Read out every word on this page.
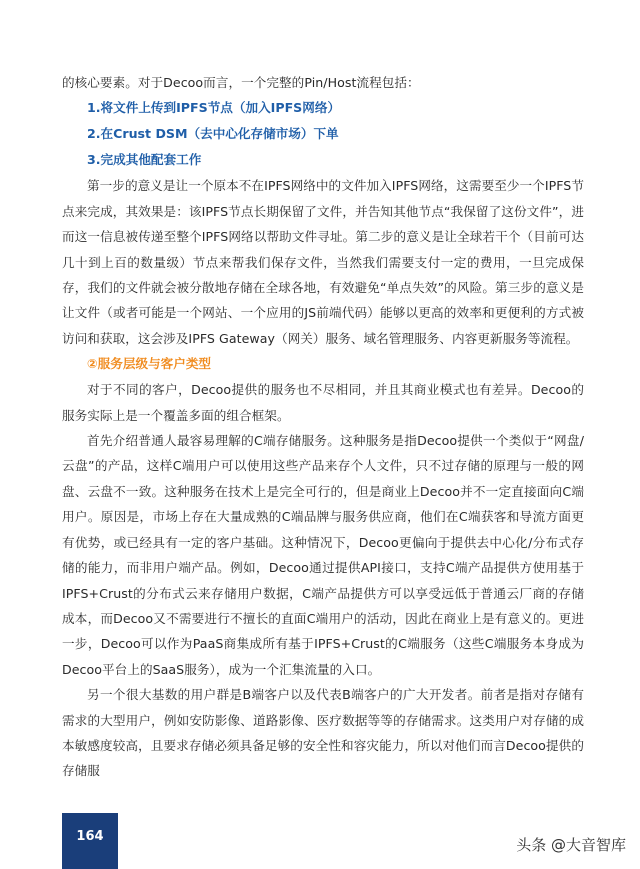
的核心要素。对于Decoo而言，一个完整的Pin/Host流程包括：

1.将文件上传到IPFS节点（加入IPFS网络）
2.在Crust DSM（去中心化存储市场）下单
3.完成其他配套工作

第一步的意义是让一个原本不在IPFS网络中的文件加入IPFS网络，这需要至少一个IPFS节点来完成，其效果是：该IPFS节点长期保留了文件，并告知其他节点“我保留了这份文件”，进而这一信息被传递至整个IPFS网络以帮助文件寻址。第二步的意义是让全球若干个（目前可达几十到上百的数量级）节点来帮我们保存文件，当然我们需要支付一定的费用，一旦完成保存，我们的文件就会被分散地存储在全球各地，有效避免“单点失效”的风险。第三步的意义是让文件（或者可能是一个网站、一个应用的JS前端代码）能够以更高的效率和更便利的方式被访问和获取，这会涉及IPFS Gateway（网关）服务、域名管理服务、内容更新服务等流程。

②服务层级与客户类型

对于不同的客户，Decoo提供的服务也不尽相同，并且其商业模式也有差异。Decoo的服务实际上是一个覆盖多面的组合框架。

首先介绍普通人最容易理解的C端存储服务。这种服务是指Decoo提供一个类似于“网盘/云盘”的产品，这样C端用户可以使用这些产品来存个人文件，只不过存储的原理与一般的网盘、云盘不一致。这种服务在技术上是完全可行的，但是商业上Decoo并不一定直接面向C端用户。原因是，市场上存在大量成熟的C端品牌与服务供应商，他们在C端获客和导流方面更有优势，或已经具有一定的客户基础。这种情况下，Decoo更偏向于提供去中心化/分布式存储的能力，而非用户端产品。例如，Decoo通过提供API接口，支持C端产品提供方使用基于IPFS+Crust的分布式云来存储用户数据，C端产品提供方可以享受远低于普通云厂商的存储成本，而Decoo又不需要进行不擅长的直面C端用户的活动，因此在商业上是有意义的。更进一步，Decoo可以作为PaaS商集成所有基于IPFS+Crust的C端服务（这些C端服务本身成为Decoo平台上的SaaS服务），成为一个汇集流量的入口。

另一个很大基数的用户群是B端客户以及代表B端客户的广大开发者。前者是指对存储有需求的大型用户，例如安防影像、道路影像、医疗数据等等的存储需求。这类用户对存储的成本敏感度较高，且要求存储必须具备足够的安全性和容灾能力，所以对他们而言Decoo提供的存储服

164	头条 @大音智库
